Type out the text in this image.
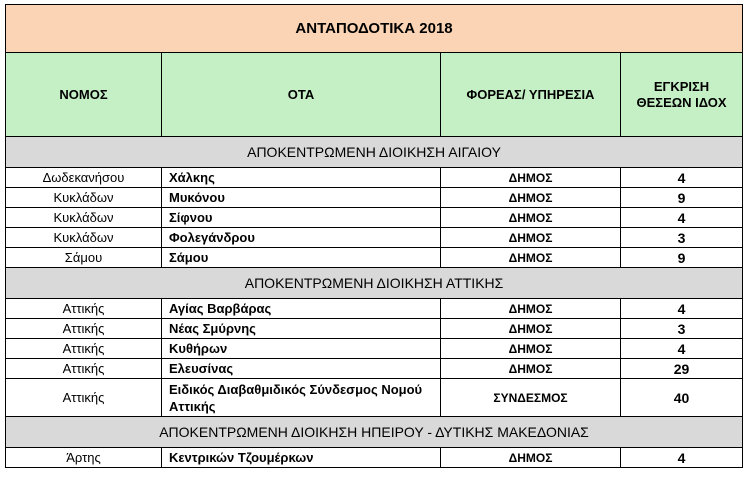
ΑΝΤΑΠΟΔΟΤΙΚΑ 2018			
ΝΟΜΟΣ	ΟΤΑ	ΦΟΡΕΑΣ/ ΥΠΗΡΕΣΙΑ	ΕΓΚΡΙΣΗ
ΘΕΣΕΩΝ ΙΔΟΧ
ΑΠΟΚΕΝΤΡΩΜΕΝΗ ΔΙΟΙΚΗΣΗ ΑΙΓΑΙΟΥ			
Δωδεκανήσου	Χάλκης	ΔΗΜΟΣ	4
Κυκλάδων	Μυκόνου	ΔΗΜΟΣ	9
Κυκλάδων	Σίφνου	ΔΗΜΟΣ	4
Κυκλάδων	Φολεγάνδρου	ΔΗΜΟΣ	3
Σάμου	Σάμου	ΔΗΜΟΣ	9
ΑΠΟΚΕΝΤΡΩΜΕΝΗ ΔΙΟΙΚΗΣΗ ΑΤΤΙΚΗΣ			
Αττικής	Αγίας Βαρβάρας	ΔΗΜΟΣ	4
Αττικής	Νέας Σμύρνης	ΔΗΜΟΣ	3
Αττικής	Κυθήρων	ΔΗΜΟΣ	4
Αττικής	Ελευσίνας	ΔΗΜΟΣ	29
Αττικής	Ειδικός Διαβαθμιδικός Σύνδεσμος Νομού Αττικής	ΣΥΝΔΕΣΜΟΣ	40
ΑΠΟΚΕΝΤΡΩΜΕΝΗ ΔΙΟΙΚΗΣΗ ΗΠΕΙΡΟΥ - ΔΥΤΙΚΗΣ ΜΑΚΕΔΟΝΙΑΣ			
Άρτης	Κεντρικών Τζουμέρκων	ΔΗΜΟΣ	4
